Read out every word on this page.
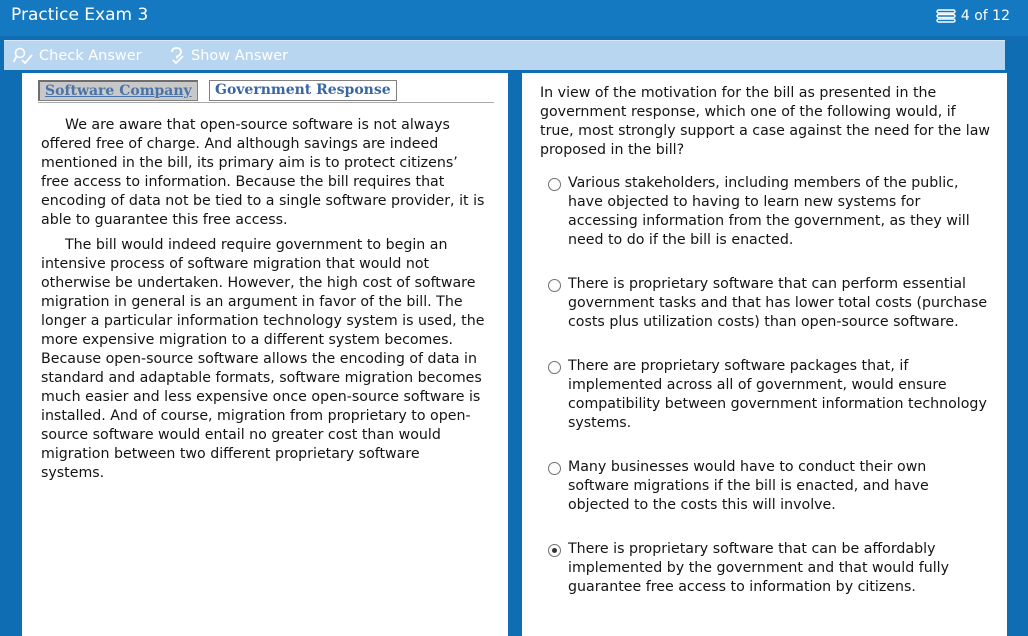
Practice Exam 3	4 of 12
Check Answer	Show Answer
Software Company	Government Response

We are aware that open-source software is not always offered free of charge. And although savings are indeed mentioned in the bill, its primary aim is to protect citizens’ free access to information. Because the bill requires that encoding of data not be tied to a single software provider, it is able to guarantee this free access.

The bill would indeed require government to begin an intensive process of software migration that would not otherwise be undertaken. However, the high cost of software migration in general is an argument in favor of the bill. The longer a particular information technology system is used, the more expensive migration to a different system becomes. Because open-source software allows the encoding of data in standard and adaptable formats, software migration becomes much easier and less expensive once open-source software is installed. And of course, migration from proprietary to open-source software would entail no greater cost than would migration between two different proprietary software systems.

In view of the motivation for the bill as presented in the government response, which one of the following would, if true, most strongly support a case against the need for the law proposed in the bill?
Various stakeholders, including members of the public, have objected to having to learn new systems for accessing information from the government, as they will need to do if the bill is enacted.
There is proprietary software that can perform essential government tasks and that has lower total costs (purchase costs plus utilization costs) than open-source software.
There are proprietary software packages that, if implemented across all of government, would ensure compatibility between government information technology systems.
Many businesses would have to conduct their own software migrations if the bill is enacted, and have objected to the costs this will involve.
There is proprietary software that can be affordably implemented by the government and that would fully guarantee free access to information by citizens.
